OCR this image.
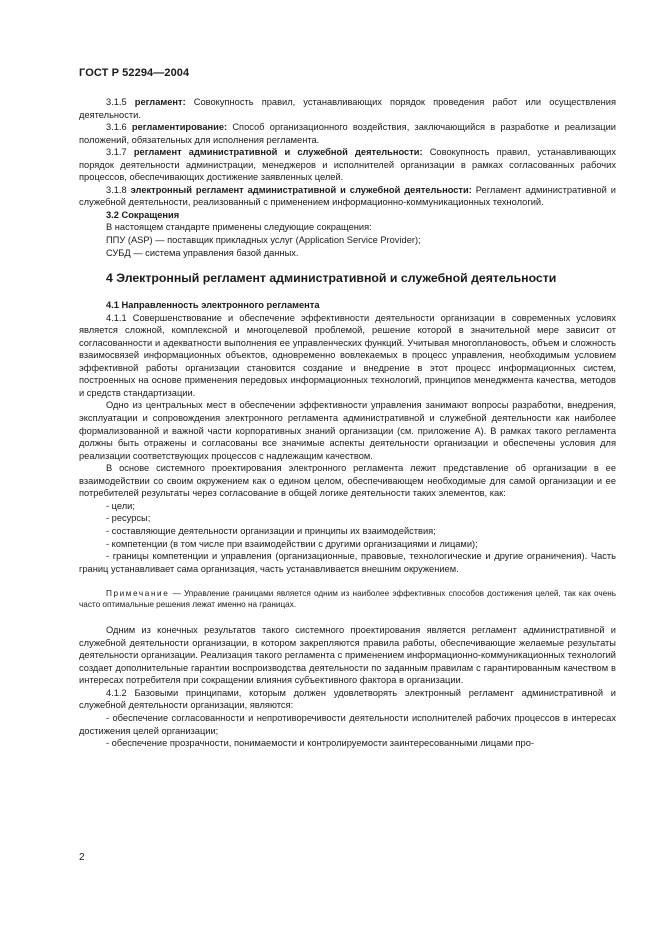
ГОСТ Р 52294—2004

3.1.5 регламент: Совокупность правил, устанавливающих порядок проведения работ или осуществления деятельности.

3.1.6 регламентирование: Способ организационного воздействия, заключающийся в разработке и реализации положений, обязательных для исполнения регламента.

3.1.7 регламент административной и служебной деятельности: Совокупность правил, устанавливающих порядок деятельности администрации, менеджеров и исполнителей организации в рамках согласованных рабочих процессов, обеспечивающих достижение заявленных целей.

3.1.8 электронный регламент административной и служебной деятельности: Регламент административной и служебной деятельности, реализованный с применением информационно-коммуникационных технологий.

3.2 Сокращения

В настоящем стандарте применены следующие сокращения:

ППУ (ASP) — поставщик прикладных услуг (Application Service Provider);

СУБД — система управления базой данных.

4 Электронный регламент административной и служебной деятельности

4.1 Направленность электронного регламента

4.1.1 Совершенствование и обеспечение эффективности деятельности организации в современных условиях является сложной, комплексной и многоцелевой проблемой, решение которой в значительной мере зависит от согласованности и адекватности выполнения ее управленческих функций. Учитывая многоплановость, объем и сложность взаимосвязей информационных объектов, одновременно вовлекаемых в процесс управления, необходимым условием эффективной работы организации становится создание и внедрение в этот процесс информационных систем, построенных на основе применения передовых информационных технологий, принципов менеджмента качества, методов и средств стандартизации.

Одно из центральных мест в обеспечении эффективности управления занимают вопросы разработки, внедрения, эксплуатации и сопровождения электронного регламента административной и служебной деятельности как наиболее формализованной и важной части корпоративных знаний организации (см. приложение А). В рамках такого регламента должны быть отражены и согласованы все значимые аспекты деятельности организации и обеспечены условия для реализации соответствующих процессов с надлежащим качеством.

В основе системного проектирования электронного регламента лежит представление об организации в ее взаимодействии со своим окружением как о едином целом, обеспечивающем необходимые для самой организации и ее потребителей результаты через согласование в общей логике деятельности таких элементов, как:

- цели;

- ресурсы;

- составляющие деятельности организации и принципы их взаимодействия;

- компетенции (в том числе при взаимодействии с другими организациями и лицами);

- границы компетенции и управления (организационные, правовые, технологические и другие ограничения). Часть границ устанавливает сама организация, часть устанавливается внешним окружением.

Примечание — Управление границами является одним из наиболее эффективных способов достижения целей, так как очень часто оптимальные решения лежат именно на границах.

Одним из конечных результатов такого системного проектирования является регламент административной и служебной деятельности организации, в котором закрепляются правила работы, обеспечивающие желаемые результаты деятельности организации. Реализация такого регламента с применением информационно-коммуникационных технологий создает дополнительные гарантии воспроизводства деятельности по заданным правилам с гарантированным качеством в интересах потребителя при сокращении влияния субъективного фактора в организации.

4.1.2 Базовыми принципами, которым должен удовлетворять электронный регламент административной и служебной деятельности организации, являются:

- обеспечение согласованности и непротиворечивости деятельности исполнителей рабочих процессов в интересах достижения целей организации;

- обеспечение прозрачности, понимаемости и контролируемости заинтересованными лицами про-

2
